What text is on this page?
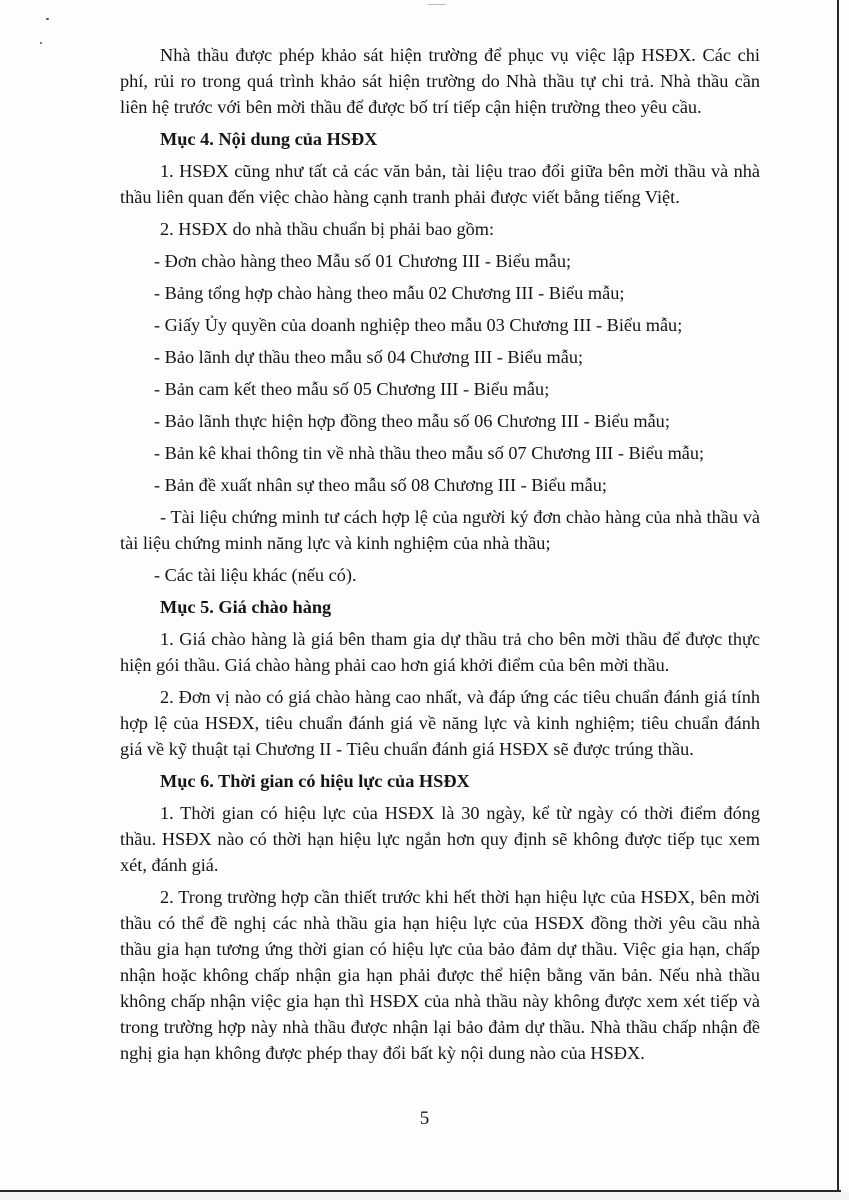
Nhà thầu được phép khảo sát hiện trường để phục vụ việc lập HSĐX. Các chi phí, rủi ro trong quá trình khảo sát hiện trường do Nhà thầu tự chi trả. Nhà thầu cần liên hệ trước với bên mời thầu để được bố trí tiếp cận hiện trường theo yêu cầu.

Mục 4. Nội dung của HSĐX

1. HSĐX cũng như tất cả các văn bản, tài liệu trao đổi giữa bên mời thầu và nhà thầu liên quan đến việc chào hàng cạnh tranh phải được viết bằng tiếng Việt.

2. HSĐX do nhà thầu chuẩn bị phải bao gồm:

- Đơn chào hàng theo Mẫu số 01 Chương III - Biểu mẫu;

- Bảng tổng hợp chào hàng theo mẫu 02 Chương III - Biểu mẫu;

- Giấy Ủy quyền của doanh nghiệp theo mẫu 03 Chương III - Biểu mẫu;

- Bảo lãnh dự thầu theo mẫu số 04 Chương III - Biểu mẫu;

- Bản cam kết theo mẫu số 05 Chương III - Biểu mẫu;

- Bảo lãnh thực hiện hợp đồng theo mẫu số 06 Chương III - Biểu mẫu;

- Bản kê khai thông tin về nhà thầu theo mẫu số 07 Chương III - Biểu mẫu;

- Bản đề xuất nhân sự theo mẫu số 08 Chương III - Biểu mẫu;

- Tài liệu chứng minh tư cách hợp lệ của người ký đơn chào hàng của nhà thầu và tài liệu chứng minh năng lực và kinh nghiệm của nhà thầu;

- Các tài liệu khác (nếu có).

Mục 5. Giá chào hàng

1. Giá chào hàng là giá bên tham gia dự thầu trả cho bên mời thầu để được thực hiện gói thầu. Giá chào hàng phải cao hơn giá khởi điểm của bên mời thầu.

2. Đơn vị nào có giá chào hàng cao nhất, và đáp ứng các tiêu chuẩn đánh giá tính hợp lệ của HSĐX, tiêu chuẩn đánh giá về năng lực và kinh nghiệm; tiêu chuẩn đánh giá về kỹ thuật tại Chương II - Tiêu chuẩn đánh giá HSĐX sẽ được trúng thầu.

Mục 6. Thời gian có hiệu lực của HSĐX

1. Thời gian có hiệu lực của HSĐX là 30 ngày, kể từ ngày có thời điểm đóng thầu. HSĐX nào có thời hạn hiệu lực ngắn hơn quy định sẽ không được tiếp tục xem xét, đánh giá.

2. Trong trường hợp cần thiết trước khi hết thời hạn hiệu lực của HSĐX, bên mời thầu có thể đề nghị các nhà thầu gia hạn hiệu lực của HSĐX đồng thời yêu cầu nhà thầu gia hạn tương ứng thời gian có hiệu lực của bảo đảm dự thầu. Việc gia hạn, chấp nhận hoặc không chấp nhận gia hạn phải được thể hiện bằng văn bản. Nếu nhà thầu không chấp nhận việc gia hạn thì HSĐX của nhà thầu này không được xem xét tiếp và trong trường hợp này nhà thầu được nhận lại bảo đảm dự thầu. Nhà thầu chấp nhận đề nghị gia hạn không được phép thay đổi bất kỳ nội dung nào của HSĐX.

5
